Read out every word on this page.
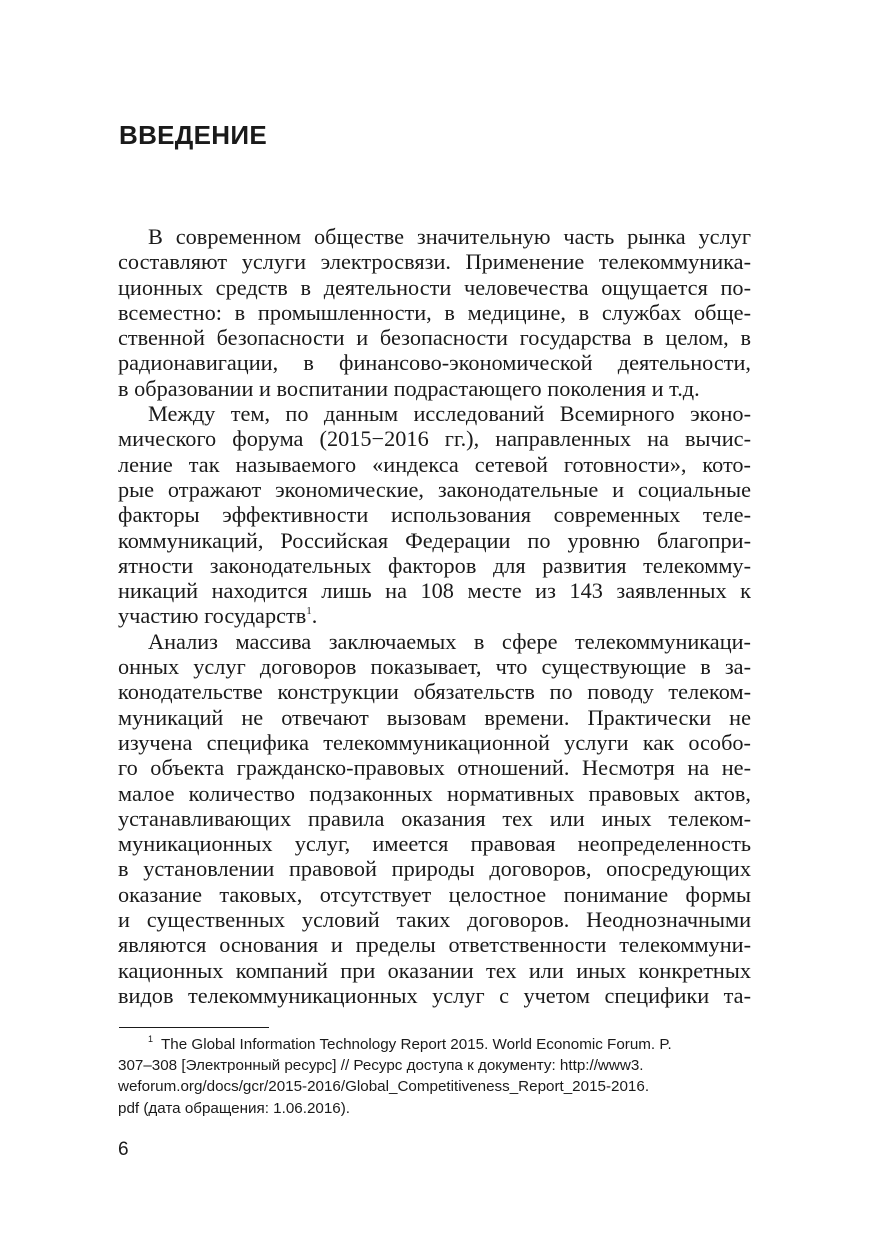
ВВЕДЕНИЕ
В современном обществе значительную часть рынка услуг
составляют услуги электросвязи. Применение телекоммуника-
ционных средств в деятельности человечества ощущается по-
всеместно: в промышленности, в медицине, в службах обще-
ственной безопасности и безопасности государства в целом, в
радионавигации, в финансово-экономической деятельности,
в образовании и воспитании подрастающего поколения и т.д.
Между тем, по данным исследований Всемирного эконо-
мического форума (2015−2016 гг.), направленных на вычис-
ление так называемого «индекса сетевой готовности», кото-
рые отражают экономические, законодательные и социальные
факторы эффективности использования современных теле-
коммуникаций, Российская Федерации по уровню благопри-
ятности законодательных факторов для развития телекомму-
никаций находится лишь на 108 месте из 143 заявленных к
участию государств$^1$.
Анализ массива заключаемых в сфере телекоммуникаци-
онных услуг договоров показывает, что существующие в за-
конодательстве конструкции обязательств по поводу телеком-
муникаций не отвечают вызовам времени. Практически не
изучена специфика телекоммуникационной услуги как особо-
го объекта гражданско-правовых отношений. Несмотря на не-
малое количество подзаконных нормативных правовых актов,
устанавливающих правила оказания тех или иных телеком-
муникационных услуг, имеется правовая неопределенность
в установлении правовой природы договоров, опосредующих
оказание таковых, отсутствует целостное понимание формы
и существенных условий таких договоров. Неоднозначными
являются основания и пределы ответственности телекоммуни-
кационных компаний при оказании тех или иных конкретных
видов телекоммуникационных услуг с учетом специфики та-
$^1$ The Global Information Technology Report 2015. World Economic Forum. P.
307–308 [Электронный ресурс] // Ресурс доступа к документу: http://www3.
weforum.org/docs/gcr/2015-2016/Global_Competitiveness_Report_2015-2016.
pdf (дата обращения: 1.06.2016).
6
